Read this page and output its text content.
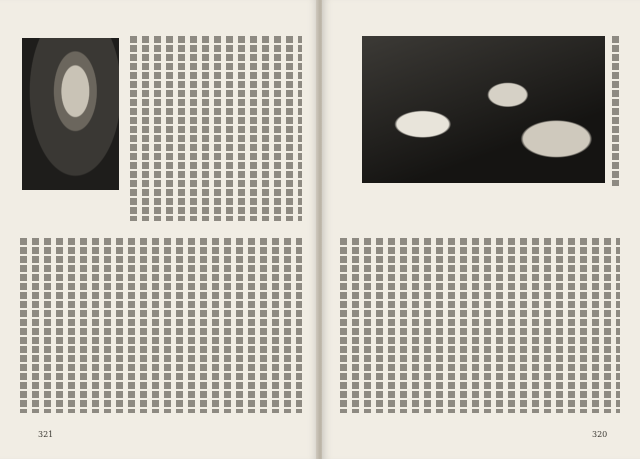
321	320
